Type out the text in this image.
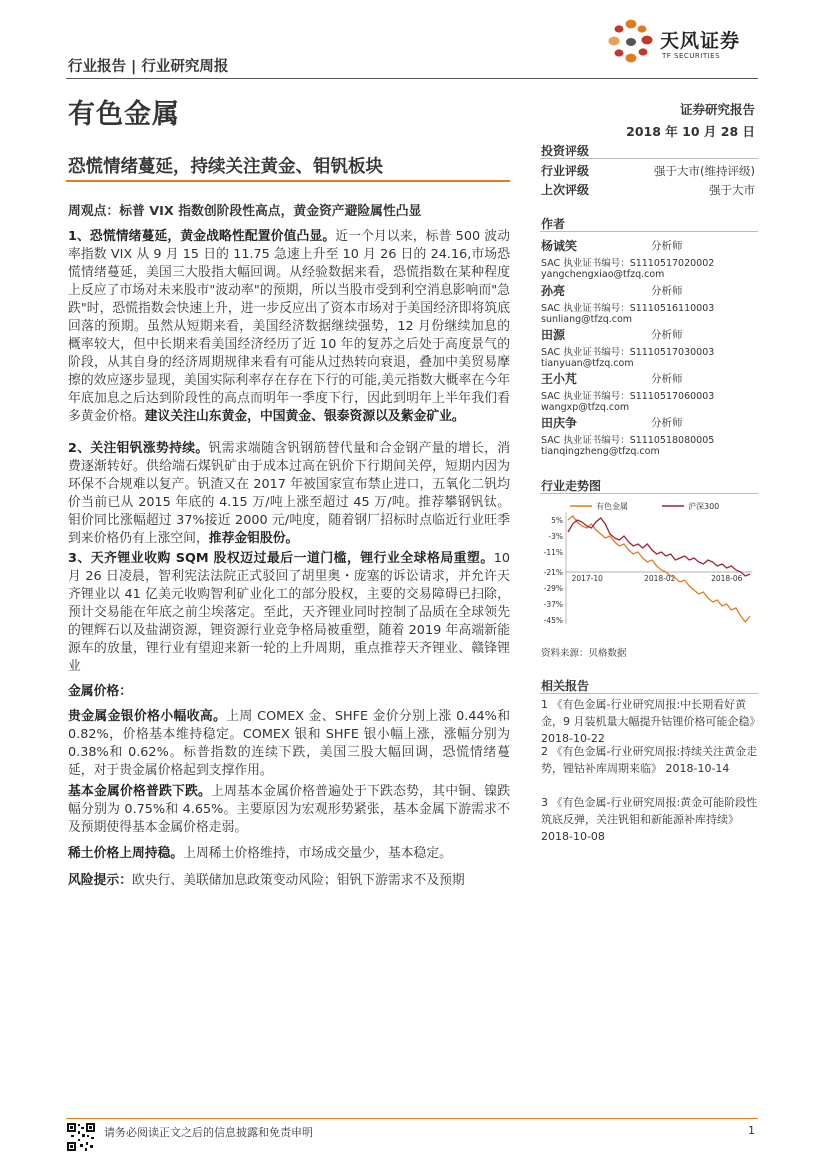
天风证券
TF SECURITIES
行业报告 | 行业研究周报
有色金属	证券研究报告
2018 年 10 月 28 日
恐慌情绪蔓延，持续关注黄金、钼钒板块
周观点：标普 VIX 指数创阶段性高点，黄金资产避险属性凸显
1、恐慌情绪蔓延，黄金战略性配置价值凸显。近一个月以来，标普 500 波动率指数 VIX 从 9 月 15 日的 11.75 急速上升至 10 月 26 日的 24.16,市场恐慌情绪蔓延，美国三大股指大幅回调。从经验数据来看，恐慌指数在某种程度上反应了市场对未来股市"波动率"的预期，所以当股市受到利空消息影响而"急跌"时，恐慌指数会快速上升，进一步反应出了资本市场对于美国经济即将筑底回落的预期。虽然从短期来看，美国经济数据继续强势，12 月份继续加息的概率较大，但中长期来看美国经济经历了近 10 年的复苏之后处于高度景气的阶段，从其自身的经济周期规律来看有可能从过热转向衰退，叠加中美贸易摩擦的效应逐步显现，美国实际利率存在存在下行的可能,美元指数大概率在今年年底加息之后达到阶段性的高点而明年一季度下行，因此到明年上半年我们看多黄金价格。建议关注山东黄金，中国黄金、银泰资源以及紫金矿业。
2、关注钼钒涨势持续。钒需求端随含钒钢筋替代量和合金钢产量的增长，消费逐渐转好。供给端石煤钒矿由于成本过高在钒价下行期间关停，短期内因为环保不合规难以复产。钒渣又在 2017 年被国家宣布禁止进口，五氧化二钒均价当前已从 2015 年底的 4.15 万/吨上涨至超过 45 万/吨。推荐攀钢钒钛。钼价同比涨幅超过 37%接近 2000 元/吨度，随着钢厂招标时点临近行业旺季到来价格仍有上涨空间，推荐金钼股份。
3、天齐锂业收购 SQM 股权迈过最后一道门槛，锂行业全球格局重塑。10 月 26 日凌晨，智利宪法法院正式驳回了胡里奥・庞塞的诉讼请求，并允许天齐锂业以 41 亿美元收购智利矿业化工的部分股权，主要的交易障碍已扫除，预计交易能在年底之前尘埃落定。至此，天齐锂业同时控制了品质在全球领先的锂辉石以及盐湖资源，锂资源行业竞争格局被重塑，随着 2019 年高端新能源车的放量，锂行业有望迎来新一轮的上升周期，重点推荐天齐锂业、赣锋锂业
金属价格：
贵金属金银价格小幅收高。上周 COMEX 金、SHFE 金价分别上涨 0.44%和 0.82%，价格基本维持稳定。COMEX 银和 SHFE 银小幅上涨，涨幅分别为 0.38%和 0.62%。标普指数的连续下跌，美国三股大幅回调，恐慌情绪蔓延，对于贵金属价格起到支撑作用。
基本金属价格普跌下跌。上周基本金属价格普遍处于下跌态势，其中铜、镍跌幅分别为 0.75%和 4.65%。主要原因为宏观形势紧张，基本金属下游需求不及预期使得基本金属价格走弱。
稀土价格上周持稳。上周稀土价格维持，市场成交量少，基本稳定。
风险提示：欧央行、美联储加息政策变动风险；钼钒下游需求不及预期
投资评级
行业评级	强于大市(维持评级)
上次评级	强于大市
作者
杨诚笑	分析师
SAC 执业证书编号：S1110517020002
yangchengxiao@tfzq.com
孙亮	分析师
SAC 执业证书编号：S1110516110003
sunliang@tfzq.com
田源	分析师
SAC 执业证书编号：S1110517030003
tianyuan@tfzq.com
王小芃	分析师
SAC 执业证书编号：S1110517060003
wangxp@tfzq.com
田庆争	分析师
SAC 执业证书编号：S1110518080005
tianqingzheng@tfzq.com
行业走势图
5%
-3%
-11%
-21%
-29%
-37%
-45%
2017-10	2018-02	2018-06
有色金属	沪深300
资料来源：贝格数据
相关报告
1 《有色金属-行业研究周报:中长期看好黄金，9 月装机量大幅提升钴锂价格可能企稳》 2018-10-22
2 《有色金属-行业研究周报:持续关注黄金走势，锂钴补库周期来临》 2018-10-14
3 《有色金属-行业研究周报:黄金可能阶段性筑底反弹，关注钒钼和新能源补库持续》 2018-10-08
请务必阅读正文之后的信息披露和免责申明	1
